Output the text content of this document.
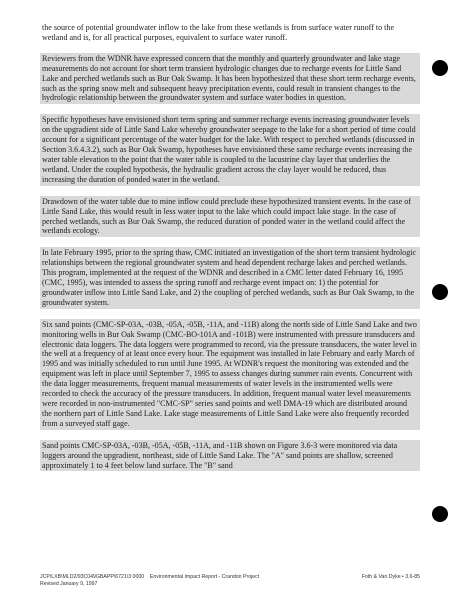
the source of potential groundwater inflow to the lake from these wetlands is from surface water runoff to the wetland and is, for all practical purposes, equivalent to surface water runoff.

Reviewers from the WDNR have expressed concern that the monthly and quarterly groundwater and lake stage measurements do not account for short term transient hydrologic changes due to recharge events for Little Sand Lake and perched wetlands such as Bur Oak Swamp. It has been hypothesized that these short term recharge events, such as the spring snow melt and subsequent heavy precipitation events, could result in transient changes to the hydrologic relationship between the groundwater system and surface water bodies in question.

Specific hypotheses have envisioned short term spring and summer recharge events increasing groundwater levels on the upgradient side of Little Sand Lake whereby groundwater seepage to the lake for a short period of time could account for a significant percentage of the water budget for the lake. With respect to perched wetlands (discussed in Section 3.6.4.3.2), such as Bur Oak Swamp, hypotheses have envisioned these same recharge events increasing the water table elevation to the point that the water table is coupled to the lacustrine clay layer that underlies the wetland. Under the coupled hypothesis, the hydraulic gradient across the clay layer would be reduced, thus increasing the duration of ponded water in the wetland.

Drawdown of the water table due to mine inflow could preclude these hypothesized transient events. In the case of Little Sand Lake, this would result in less water input to the lake which could impact lake stage. In the case of perched wetlands, such as Bur Oak Swamp, the reduced duration of ponded water in the wetland could affect the wetlands ecology.

In late February 1995, prior to the spring thaw, CMC initiated an investigation of the short term transient hydrologic relationships between the regional groundwater system and head dependent recharge lakes and perched wetlands. This program, implemented at the request of the WDNR and described in a CMC letter dated February 16, 1995 (CMC, 1995), was intended to assess the spring runoff and recharge event impact on: 1) the potential for groundwater inflow into Little Sand Lake, and 2) the coupling of perched wetlands, such as Bur Oak Swamp, to the groundwater system.

Six sand points (CMC-SP-03A, -03B, -05A, -05B, -11A, and -11B) along the north side of Little Sand Lake and two monitoring wells in Bur Oak Swamp (CMC-BO-101A and -101B) were instrumented with pressure transducers and electronic data loggers. The data loggers were programmed to record, via the pressure transducers, the water level in the well at a frequency of at least once every hour. The equipment was installed in late February and early March of 1995 and was initially scheduled to run until June 1995. At WDNR's request the monitoring was extended and the equipment was left in place until September 7, 1995 to assess changes during summer rain events. Concurrent with the data logger measurements, frequent manual measurements of water levels in the instrumented wells were recorded to check the accuracy of the pressure transducers. In addition, frequent manual water level measurements were recorded in non-instrumented "CMC-SP" series sand points and well DMA-19 which are distributed around the northern part of Little Sand Lake. Lake stage measurements of Little Sand Lake were also frequently recorded from a surveyed staff gage.

Sand points CMC-SP-03A, -03B, -05A, -05B, -11A, and -11B shown on Figure 3.6-3 were monitored via data loggers around the upgradient, northeast, side of Little Sand Lake. The "A" sand points are shallow, screened approximately 1 to 4 feet below land surface. The "B" sand

JCP/LXB\MLD2/93C049GBAPP\6721\3 0000 Environmental Impact Report - Crandon Project
Revised January 9, 1997
Foth & Van Dyke • 3.6-85
